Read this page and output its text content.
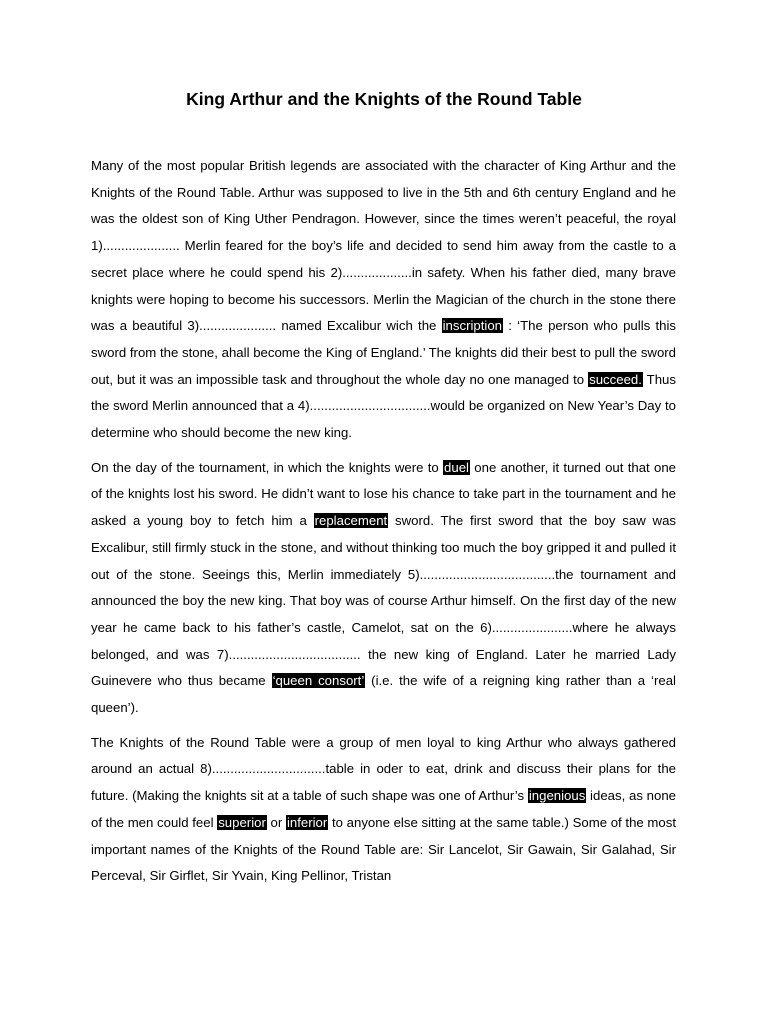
King Arthur and the Knights of the Round Table

Many of the most popular British legends are associated with the character of King Arthur and the Knights of the Round Table. Arthur was supposed to live in the 5th and 6th century England and he was the oldest son of King Uther Pendragon. However, since the times weren’t peaceful, the royal 1)..................... Merlin feared for the boy’s life and decided to send him away from the castle to a secret place where he could spend his 2)...................in safety. When his father died, many brave knights were hoping to become his successors. Merlin the Magician of the church in the stone there was a beautiful 3)..................... named Excalibur wich the inscription : ‘The person who pulls this sword from the stone, ahall become the King of England.’ The knights did their best to pull the sword out, but it was an impossible task and throughout the whole day no one managed to succeed. Thus the sword Merlin announced that a 4).................................would be organized on New Year’s Day to determine who should become the new king.

On the day of the tournament, in which the knights were to duel one another, it turned out that one of the knights lost his sword. He didn’t want to lose his chance to take part in the tournament and he asked a young boy to fetch him a replacement sword. The first sword that the boy saw was Excalibur, still firmly stuck in the stone, and without thinking too much the boy gripped it and pulled it out of the stone. Seeings this, Merlin immediately 5).....................................the tournament and announced the boy the new king. That boy was of course Arthur himself. On the first day of the new year he came back to his father’s castle, Camelot, sat on the 6)......................where he always belonged, and was 7).................................... the new king of England. Later he married Lady Guinevere who thus became ‘queen consort’ (i.e. the wife of a reigning king rather than a ‘real queen’).

The Knights of the Round Table were a group of men loyal to king Arthur who always gathered around an actual 8)...............................table in oder to eat, drink and discuss their plans for the future. (Making the knights sit at a table of such shape was one of Arthur’s ingenious ideas, as none of the men could feel superior or inferior to anyone else sitting at the same table.) Some of the most important names of the Knights of the Round Table are: Sir Lancelot, Sir Gawain, Sir Galahad, Sir Perceval, Sir Girflet, Sir Yvain, King Pellinor, Tristan
